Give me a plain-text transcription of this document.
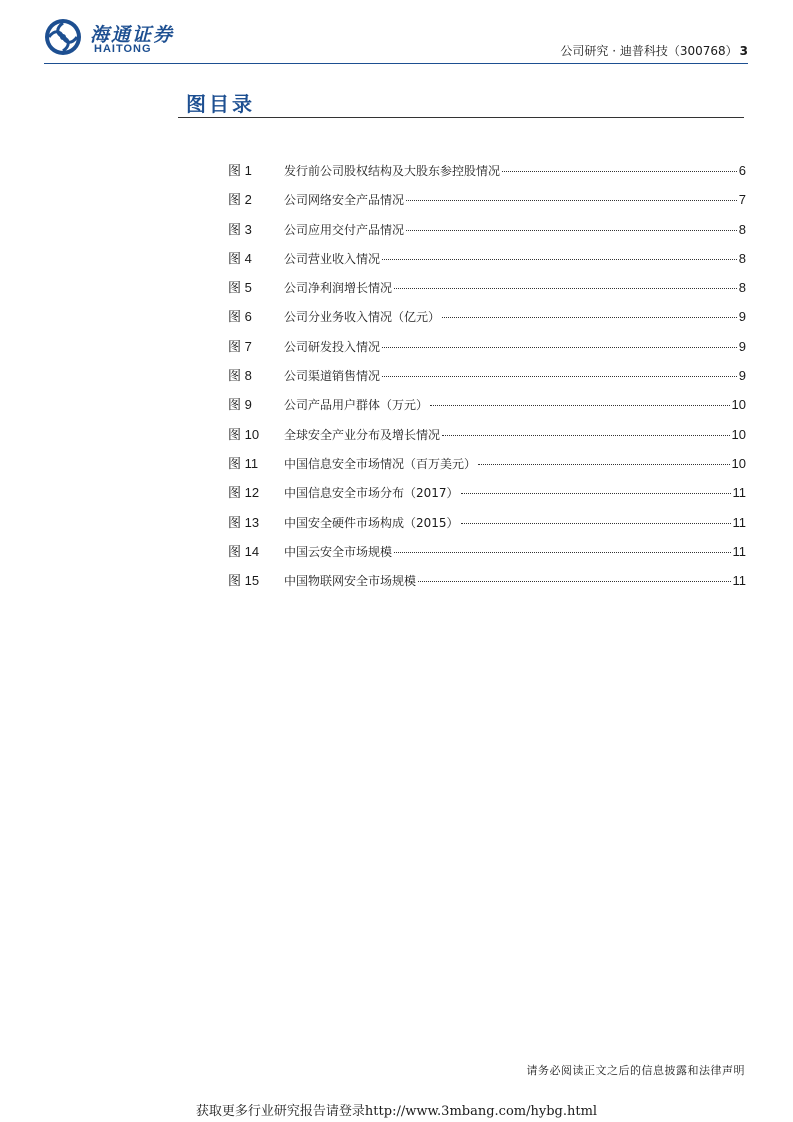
海通证券
HAITONG	公司研究 · 迪普科技（300768） 3
图目录
图 1	发行前公司股权结构及大股东参控股情况	6
图 2	公司网络安全产品情况	7
图 3	公司应用交付产品情况	8
图 4	公司营业收入情况	8
图 5	公司净利润增长情况	8
图 6	公司分业务收入情况（亿元）	9
图 7	公司研发投入情况	9
图 8	公司渠道销售情况	9
图 9	公司产品用户群体（万元）	10
图 10	全球安全产业分布及增长情况	10
图 11	中国信息安全市场情况（百万美元）	10
图 12	中国信息安全市场分布（2017）	11
图 13	中国安全硬件市场构成（2015）	11
图 14	中国云安全市场规模	11
图 15	中国物联网安全市场规模	11
请务必阅读正文之后的信息披露和法律声明
获取更多行业研究报告请登录http://www.3mbang.com/hybg.html
